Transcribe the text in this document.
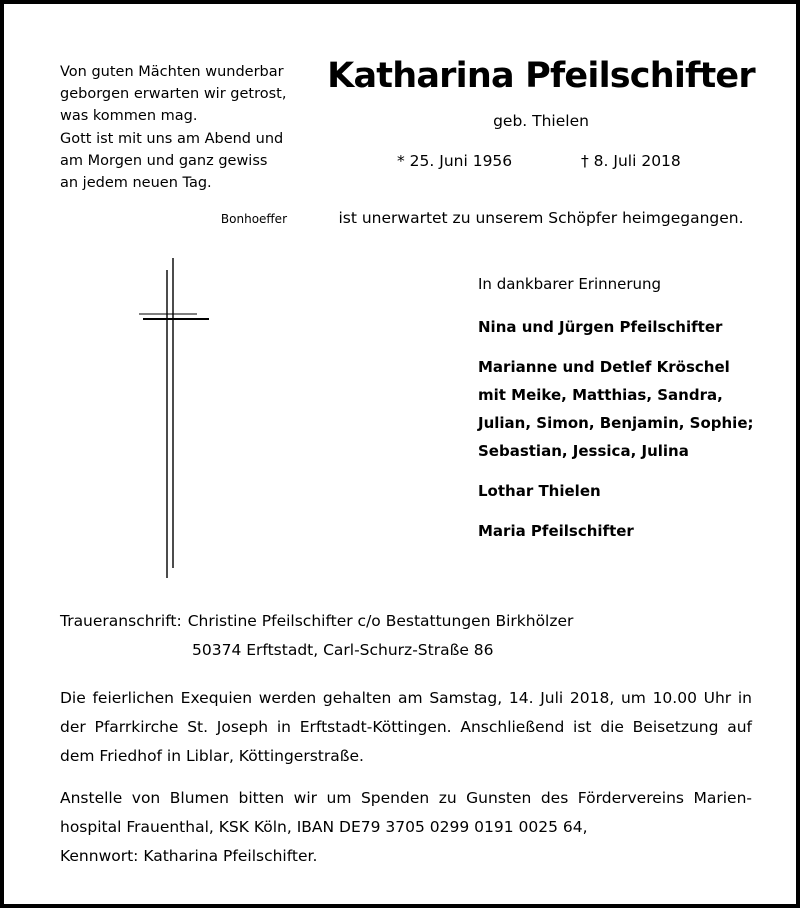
Von guten Mächten wunderbar
geborgen erwarten wir getrost,
was kommen mag.
Gott ist mit uns am Abend und
am Morgen und ganz gewiss
an jedem neuen Tag.
Bonhoeffer
Katharina Pfeilschifter
geb. Thielen
* 25. Juni 1956	† 8. Juli 2018
ist unerwartet zu unserem Schöpfer heimgegangen.
In dankbarer Erinnerung
Nina und Jürgen Pfeilschifter
Marianne und Detlef Kröschel
mit Meike, Matthias, Sandra,
Julian, Simon, Benjamin, Sophie;
Sebastian, Jessica, Julina
Lothar Thielen
Maria Pfeilschifter
Traueranschrift: Christine Pfeilschifter c/o Bestattungen Birkhölzer
50374 Erftstadt, Carl-Schurz-Straße 86
Die feierlichen Exequien werden gehalten am Samstag, 14. Juli 2018, um 10.00 Uhr in
der Pfarrkirche St. Joseph in Erftstadt-Köttingen. Anschließend ist die Beisetzung auf
dem Friedhof in Liblar, Köttingerstraße.
Anstelle von Blumen bitten wir um Spenden zu Gunsten des Fördervereins Marien-
hospital Frauenthal, KSK Köln, IBAN DE79 3705 0299 0191 0025 64,
Kennwort: Katharina Pfeilschifter.
